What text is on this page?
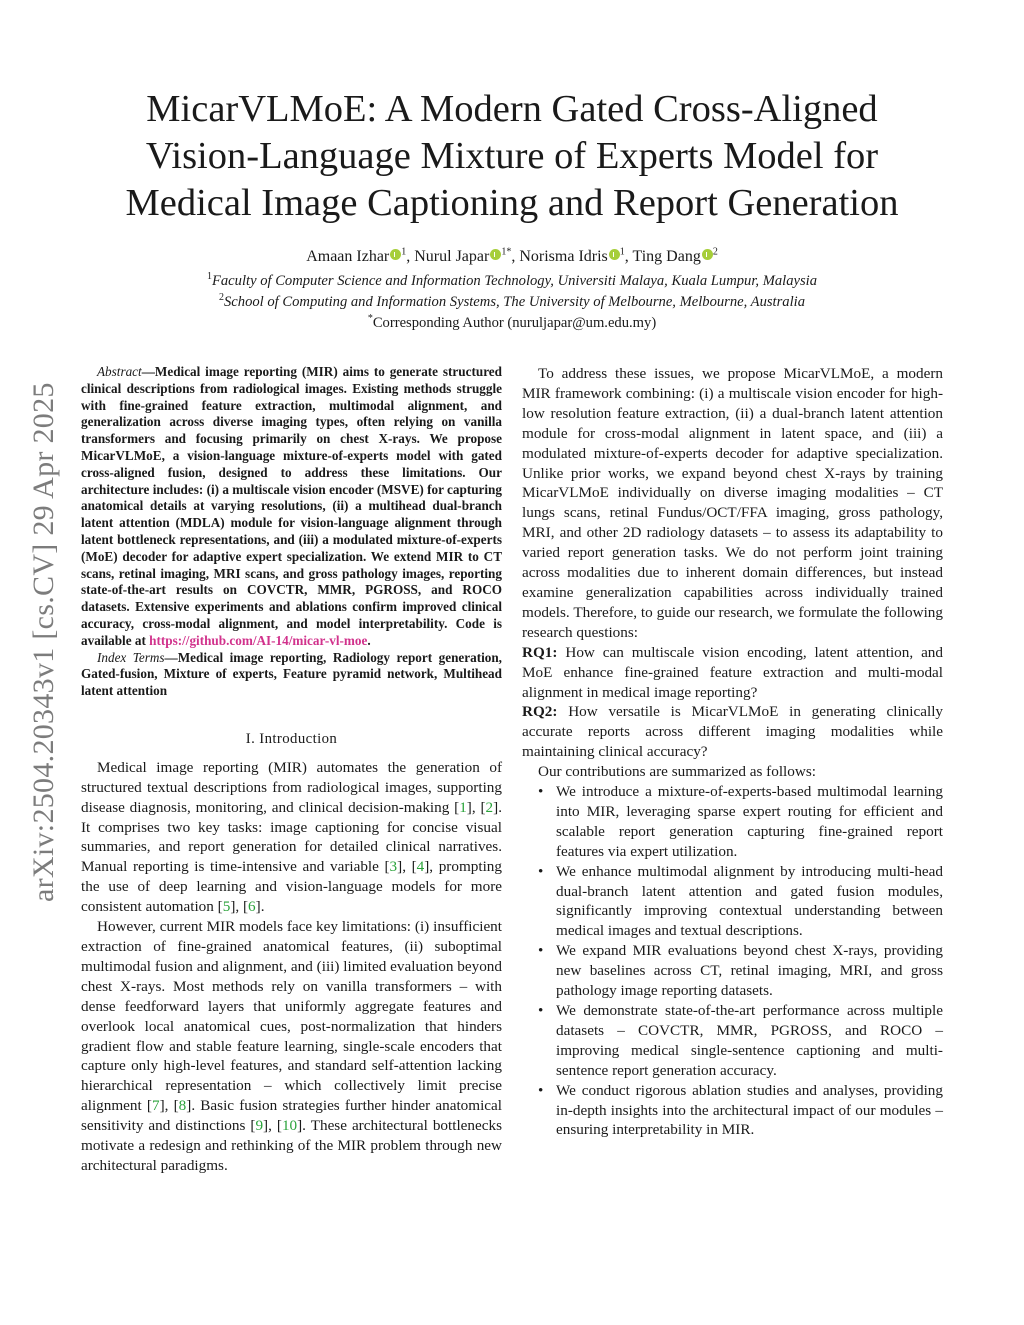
arXiv:2504.20343v1 [cs.CV] 29 Apr 2025
MicarVLMoE: A Modern Gated Cross-Aligned
Vision-Language Mixture of Experts Model for
Medical Image Captioning and Report Generation
Amaan Izhar $^1$, Nurul Japar $^{1*}$, Norisma Idris $^1$, Ting Dang $^2$
$^1$Faculty of Computer Science and Information Technology, Universiti Malaya, Kuala Lumpur, Malaysia
$^2$School of Computing and Information Systems, The University of Melbourne, Melbourne, Australia
*Corresponding Author (nuruljapar@um.edu.my)

Abstract—Medical image reporting (MIR) aims to generate structured clinical descriptions from radiological images. Existing methods struggle with fine-grained feature extraction, multimodal alignment, and generalization across diverse imaging types, often relying on vanilla transformers and focusing primarily on chest X-rays. We propose MicarVLMoE, a vision-language mixture-of-experts model with gated cross-aligned fusion, designed to address these limitations. Our architecture includes: (i) a multiscale vision encoder (MSVE) for capturing anatomical details at varying resolutions, (ii) a multihead dual-branch latent attention (MDLA) module for vision-language alignment through latent bottleneck representations, and (iii) a modulated mixture-of-experts (MoE) decoder for adaptive expert specialization. We extend MIR to CT scans, retinal imaging, MRI scans, and gross pathology images, reporting state-of-the-art results on COVCTR, MMR, PGROSS, and ROCO datasets. Extensive experiments and ablations confirm improved clinical accuracy, cross-modal alignment, and model interpretability. Code is available at https://github.com/AI-14/micar-vl-moe.

Index Terms—Medical image reporting, Radiology report generation, Gated-fusion, Mixture of experts, Feature pyramid network, Multihead latent attention

I. Introduction

Medical image reporting (MIR) automates the generation of structured textual descriptions from radiological images, supporting disease diagnosis, monitoring, and clinical decision-making [1], [2]. It comprises two key tasks: image captioning for concise visual summaries, and report generation for detailed clinical narratives. Manual reporting is time-intensive and variable [3], [4], prompting the use of deep learning and vision-language models for more consistent automation [5], [6].

However, current MIR models face key limitations: (i) insufficient extraction of fine-grained anatomical features, (ii) suboptimal multimodal fusion and alignment, and (iii) limited evaluation beyond chest X-rays. Most methods rely on vanilla transformers – with dense feedforward layers that uniformly aggregate features and overlook local anatomical cues, post-normalization that hinders gradient flow and stable feature learning, single-scale encoders that capture only high-level features, and standard self-attention lacking hierarchical representation – which collectively limit precise alignment [7], [8]. Basic fusion strategies further hinder anatomical sensitivity and distinctions [9], [10]. These architectural bottlenecks motivate a redesign and rethinking of the MIR problem through new architectural paradigms.

To address these issues, we propose MicarVLMoE, a modern MIR framework combining: (i) a multiscale vision encoder for high-low resolution feature extraction, (ii) a dual-branch latent attention module for cross-modal alignment in latent space, and (iii) a modulated mixture-of-experts decoder for adaptive specialization. Unlike prior works, we expand beyond chest X-rays by training MicarVLMoE individually on diverse imaging modalities – CT lungs scans, retinal Fundus/OCT/FFA imaging, gross pathology, MRI, and other 2D radiology datasets – to assess its adaptability to varied report generation tasks. We do not perform joint training across modalities due to inherent domain differences, but instead examine generalization capabilities across individually trained models. Therefore, to guide our research, we formulate the following research questions:

RQ1: How can multiscale vision encoding, latent attention, and MoE enhance fine-grained feature extraction and multi-modal alignment in medical image reporting?

RQ2: How versatile is MicarVLMoE in generating clinically accurate reports across different imaging modalities while maintaining clinical accuracy?

Our contributions are summarized as follows:

• We introduce a mixture-of-experts-based multimodal learning into MIR, leveraging sparse expert routing for efficient and scalable report generation capturing fine-grained report features via expert utilization.
• We enhance multimodal alignment by introducing multi-head dual-branch latent attention and gated fusion modules, significantly improving contextual understanding between medical images and textual descriptions.
• We expand MIR evaluations beyond chest X-rays, providing new baselines across CT, retinal imaging, MRI, and gross pathology image reporting datasets.
• We demonstrate state-of-the-art performance across multiple datasets – COVCTR, MMR, PGROSS, and ROCO – improving medical single-sentence captioning and multi-sentence report generation accuracy.
• We conduct rigorous ablation studies and analyses, providing in-depth insights into the architectural impact of our modules – ensuring interpretability in MIR.
